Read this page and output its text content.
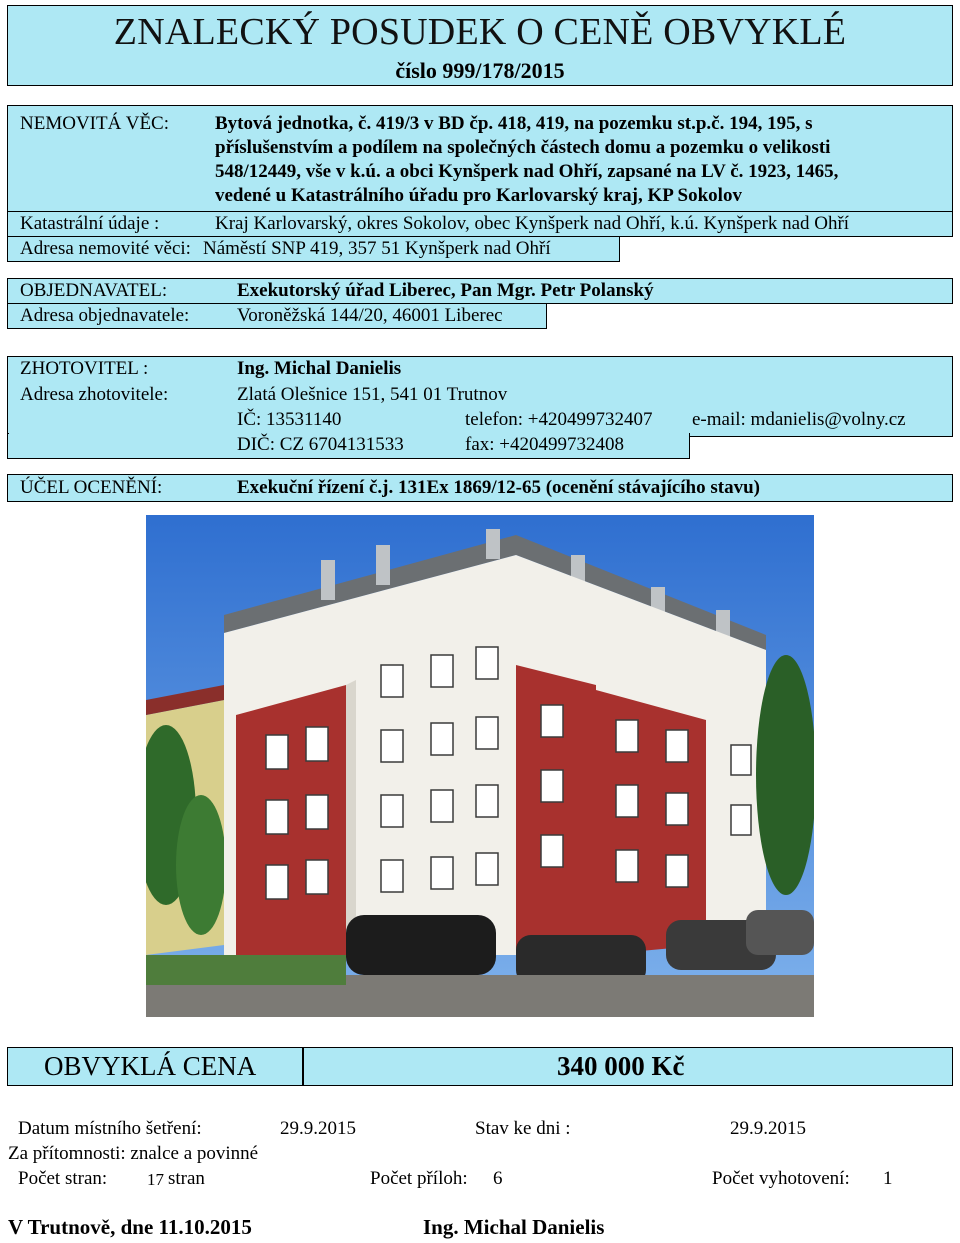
ZNALECKÝ POSUDEK O CENĚ OBVYKLÉ
číslo 999/178/2015
NEMOVITÁ VĚC: Bytová jednotka, č. 419/3 v BD čp. 418, 419, na pozemku st.p.č. 194, 195, s
příslušenstvím a podílem na společných částech domu a pozemku o velikosti
548/12449, vše v k.ú. a obci Kynšperk nad Ohří, zapsané na LV č. 1923, 1465,
vedené u Katastrálního úřadu pro Karlovarský kraj, KP Sokolov
Katastrální údaje :	Kraj Karlovarský, okres Sokolov, obec Kynšperk nad Ohří, k.ú. Kynšperk nad Ohří
Adresa nemovité věci: Náměstí SNP 419, 357 51 Kynšperk nad Ohří
OBJEDNAVATEL:	Exekutorský úřad Liberec, Pan Mgr. Petr Polanský
Adresa objednavatele:	Voroněžská 144/20, 46001 Liberec
ZHOTOVITEL :	Ing. Michal Danielis
Adresa zhotovitele:	Zlatá Olešnice 151, 541 01 Trutnov
IČ: 13531140	telefon: +420499732407 e-mail: mdanielis@volny.cz
DIČ: CZ 6704131533	fax: +420499732408
ÚČEL OCENĚNÍ:	Exekuční řízení č.j. 131Ex 1869/12-65 (ocenění stávajícího stavu)
OBVYKLÁ CENA	340 000 Kč
Datum místního šetření:	29.9.2015	Stav ke dni :	29.9.2015
Za přítomnosti: znalce a povinné
Počet stran: 17 stran	Počet příloh: 6	Počet vyhotovení: 1
V Trutnově, dne 11.10.2015	Ing. Michal Danielis
